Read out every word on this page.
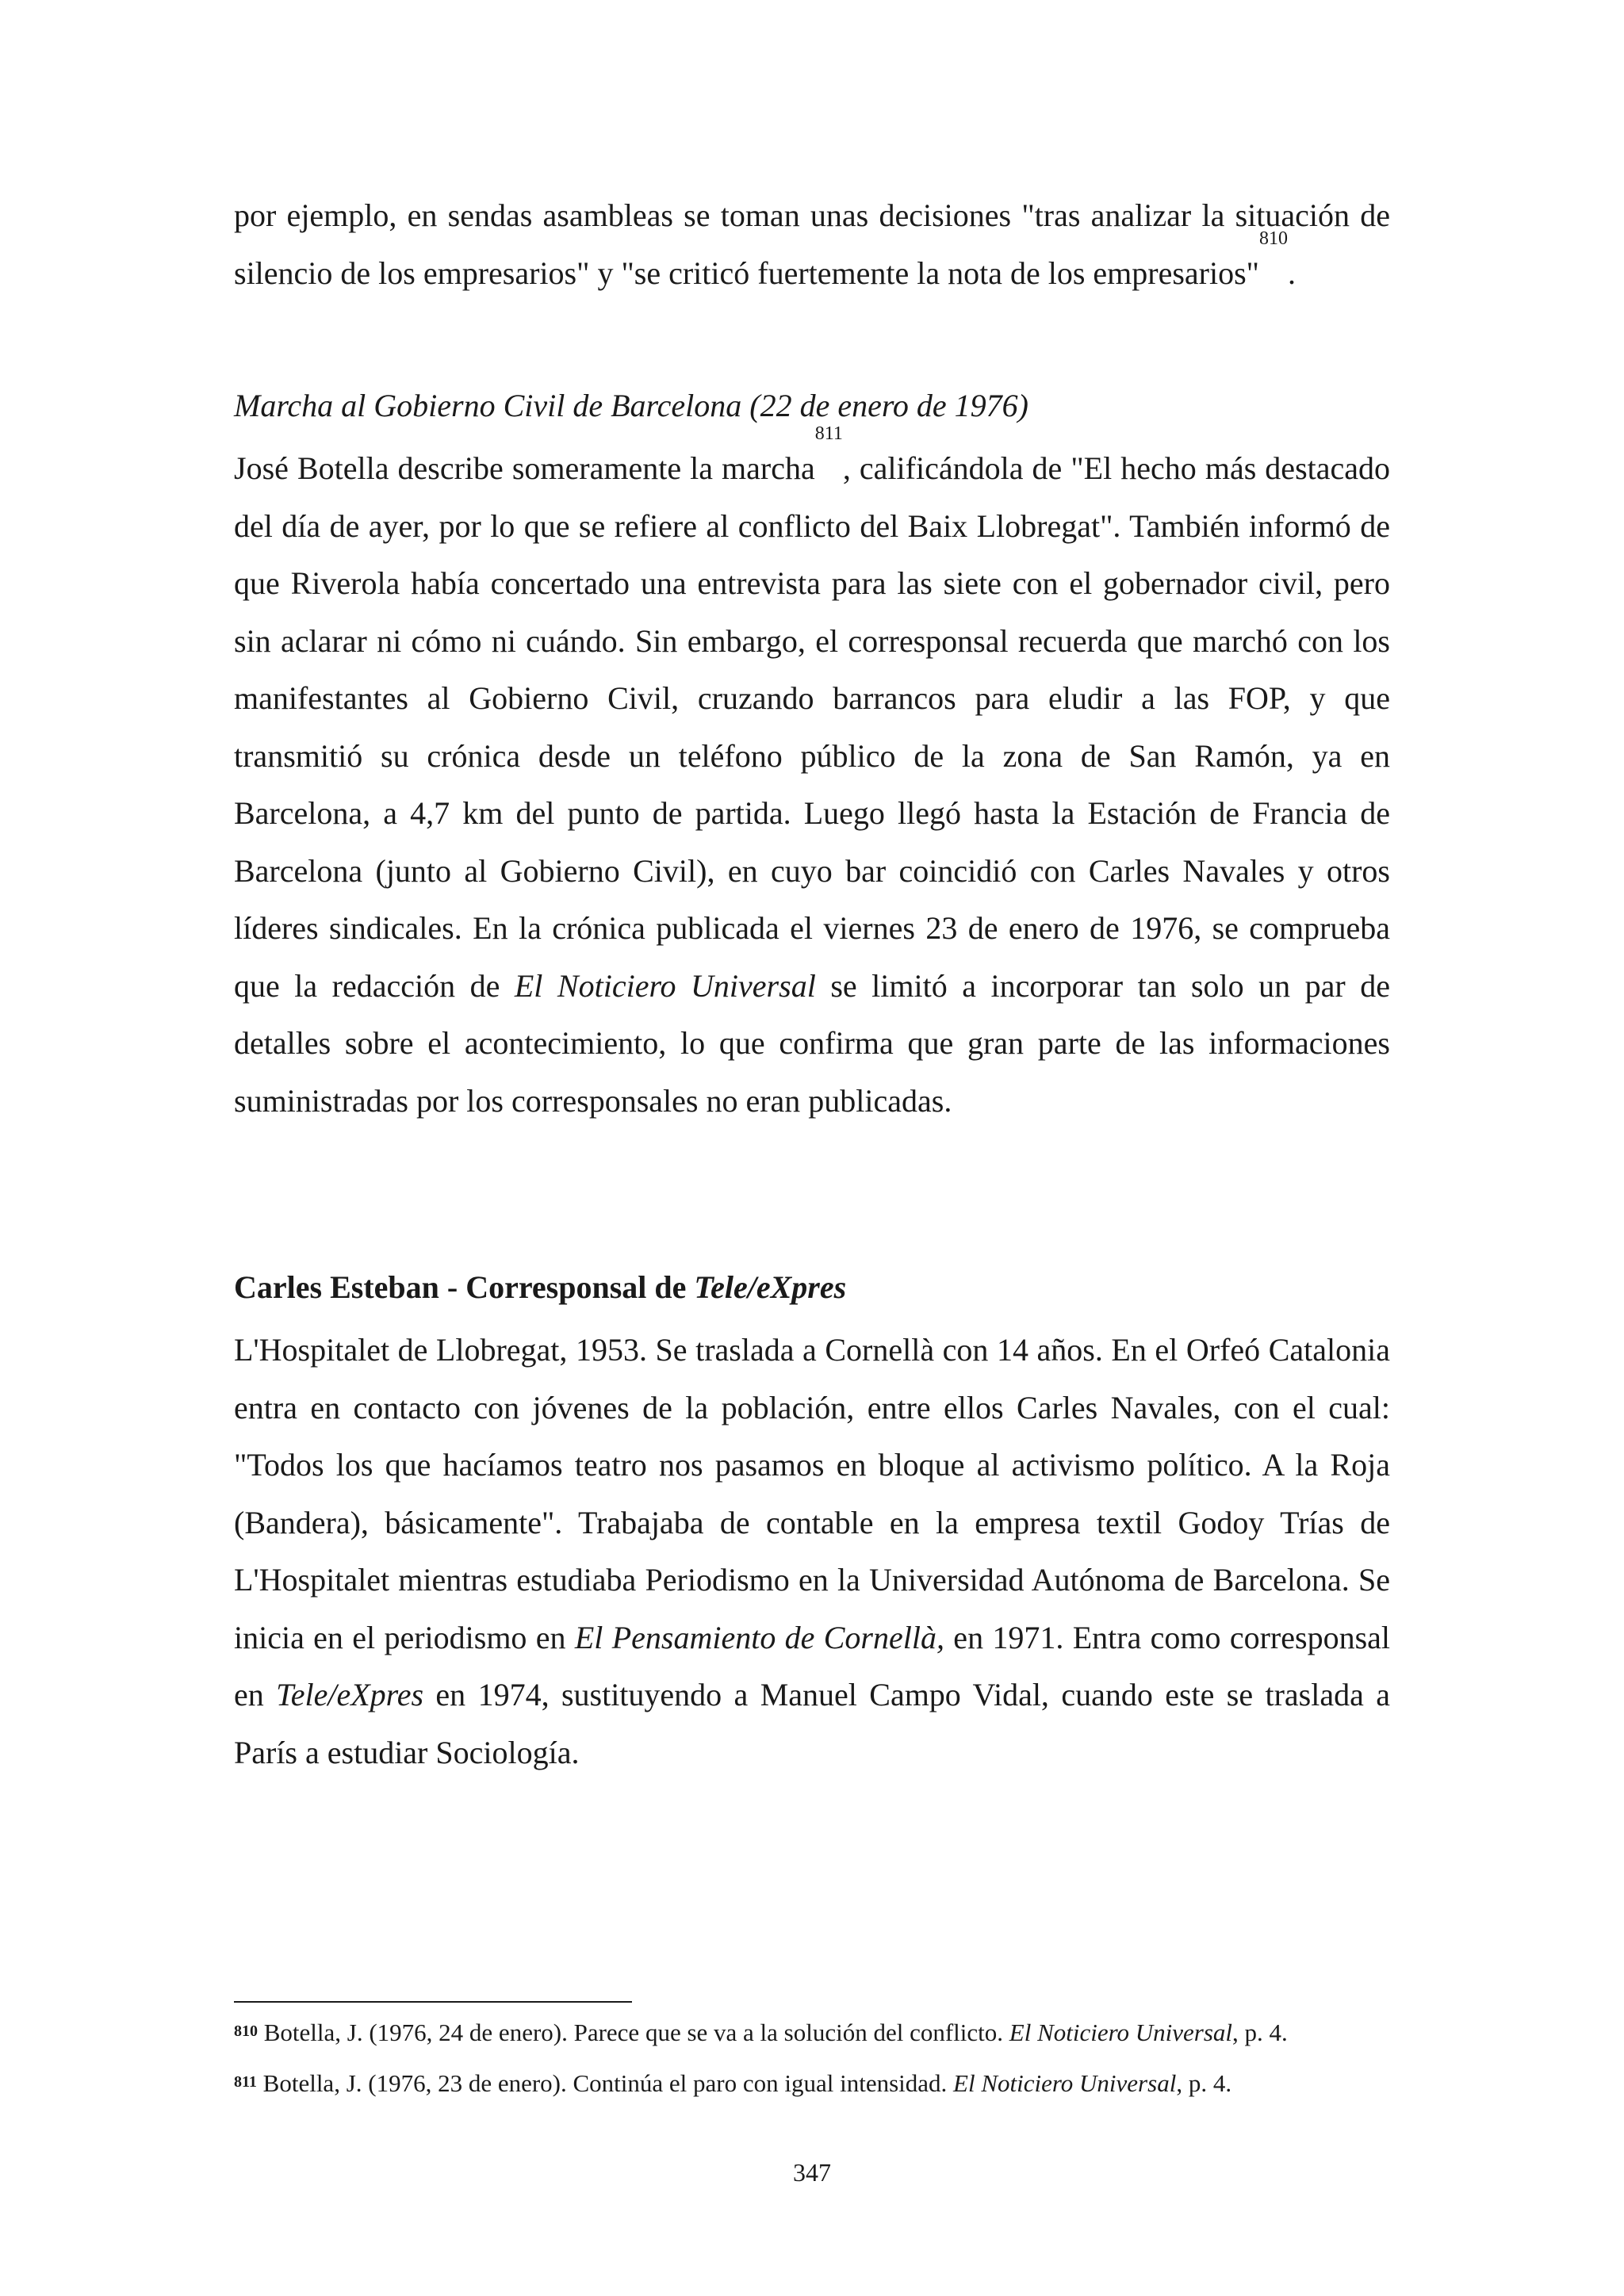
por ejemplo, en sendas asambleas se toman unas decisiones "tras analizar la situación de silencio de los empresarios" y "se criticó fuertemente la nota de los empresarios"$^{810}$.

Marcha al Gobierno Civil de Barcelona (22 de enero de 1976)

José Botella describe someramente la marcha$^{811}$, calificándola de "El hecho más destacado del día de ayer, por lo que se refiere al conflicto del Baix Llobregat". También informó de que Riverola había concertado una entrevista para las siete con el gobernador civil, pero sin aclarar ni cómo ni cuándo. Sin embargo, el corresponsal recuerda que marchó con los manifestantes al Gobierno Civil, cruzando barrancos para eludir a las FOP, y que transmitió su crónica desde un teléfono público de la zona de San Ramón, ya en Barcelona, a 4,7 km del punto de partida. Luego llegó hasta la Estación de Francia de Barcelona (junto al Gobierno Civil), en cuyo bar coincidió con Carles Navales y otros líderes sindicales. En la crónica publicada el viernes 23 de enero de 1976, se comprueba que la redacción de El Noticiero Universal se limitó a incorporar tan solo un par de detalles sobre el acontecimiento, lo que confirma que gran parte de las informaciones suministradas por los corresponsales no eran publicadas.

Carles Esteban - Corresponsal de Tele/eXpres

L'Hospitalet de Llobregat, 1953. Se traslada a Cornellà con 14 años. En el Orfeó Catalonia entra en contacto con jóvenes de la población, entre ellos Carles Navales, con el cual: "Todos los que hacíamos teatro nos pasamos en bloque al activismo político. A la Roja (Bandera), básicamente". Trabajaba de contable en la empresa textil Godoy Trías de L'Hospitalet mientras estudiaba Periodismo en la Universidad Autónoma de Barcelona. Se inicia en el periodismo en El Pensamiento de Cornellà, en 1971. Entra como corresponsal en Tele/eXpres en 1974, sustituyendo a Manuel Campo Vidal, cuando este se traslada a París a estudiar Sociología.

$^{810}$ Botella, J. (1976, 24 de enero). Parece que se va a la solución del conflicto. El Noticiero Universal, p. 4.

$^{811}$ Botella, J. (1976, 23 de enero). Continúa el paro con igual intensidad. El Noticiero Universal, p. 4.

347
